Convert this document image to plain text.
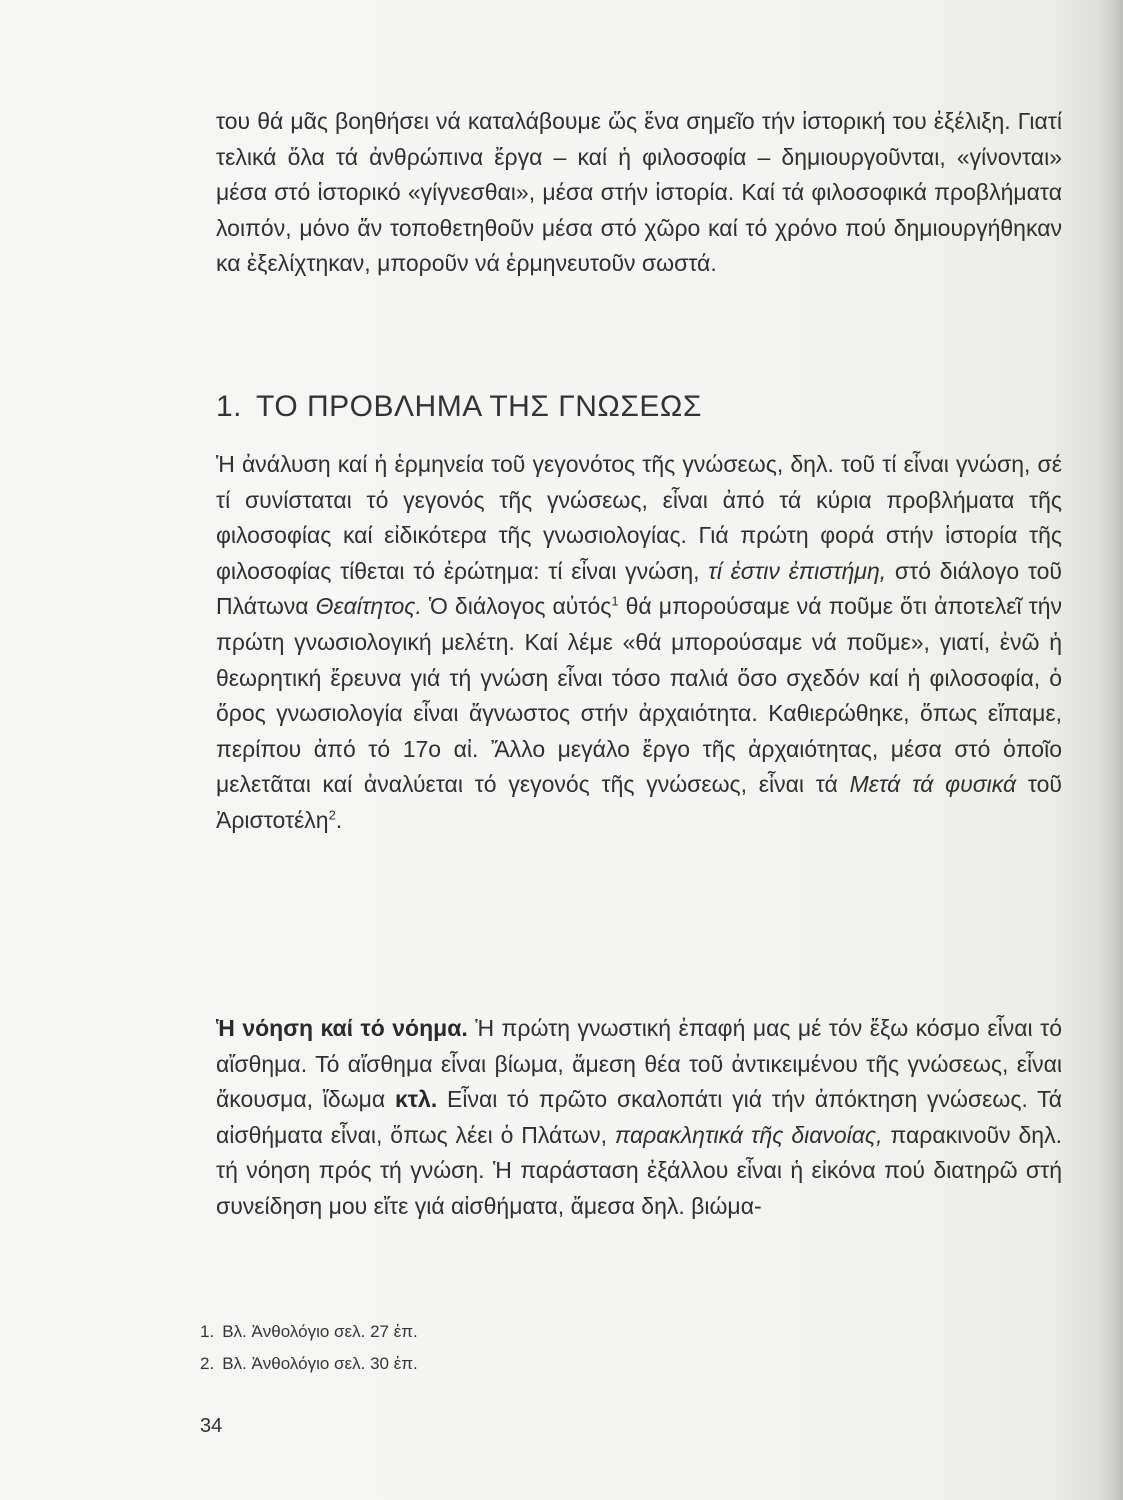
του θά μᾶς βοηθήσει νά καταλάβουμε ὥς ἕνα σημεῖο τήν ἱστορική του ἐξέλιξη. Γιατί τελικά ὅλα τά ἀνθρώπινα ἔργα – καί ἡ φιλοσοφία – δημιουργοῦνται, «γίνονται» μέσα στό ἱστορικό «γίγνεσθαι», μέσα στήν ἱστορία. Καί τά φιλοσοφικά προβλήματα λοιπόν, μόνο ἄν τοποθετηθοῦν μέσα στό χῶρο καί τό χρόνο πού δημιουργήθηκαν κα ἐξελίχτηκαν, μποροῦν νά ἑρμηνευτοῦν σωστά.

1. ΤΟ ΠΡΟΒΛΗΜΑ ΤΗΣ ΓΝΩΣΕΩΣ

Ἡ ἀνάλυση καί ἡ ἑρμηνεία τοῦ γεγονότος τῆς γνώσεως, δηλ. τοῦ τί εἶναι γνώση, σέ τί συνίσταται τό γεγονός τῆς γνώσεως, εἶναι ἀπό τά κύρια προβλήματα τῆς φιλοσοφίας καί εἰδικότερα τῆς γνωσιολογίας. Γιά πρώτη φορά στήν ἱστορία τῆς φιλοσοφίας τίθεται τό ἐρώτημα: τί εἶναι γνώση, τί ἐστιν ἐπιστήμη, στό διάλογο τοῦ Πλάτωνα Θεαίτητος. Ὁ διάλογος αὐτός$^1$ θά μπορούσαμε νά ποῦμε ὅτι ἀποτελεῖ τήν πρώτη γνωσιολογική μελέτη. Καί λέμε «θά μπορούσαμε νά ποῦμε», γιατί, ἐνῶ ἡ θεωρητική ἔρευνα γιά τή γνώση εἶναι τόσο παλιά ὅσο σχεδόν καί ἡ φιλοσοφία, ὁ ὅρος γνωσιολογία εἶναι ἄγνωστος στήν ἀρχαιότητα. Καθιερώθηκε, ὅπως εἴπαμε, περίπου ἀπό τό 17ο αἰ. Ἄλλο μεγάλο ἔργο τῆς ἀρχαιότητας, μέσα στό ὁποῖο μελετᾶται καί ἀναλύεται τό γεγονός τῆς γνώσεως, εἶναι τά Μετά τά φυσικά τοῦ Ἀριστοτέλη$^2$.

Ἡ νόηση καί τό νόημα. Ἡ πρώτη γνωστική ἐπαφή μας μέ τόν ἔξω κόσμο εἶναι τό αἴσθημα. Τό αἴσθημα εἶναι βίωμα, ἄμεση θέα τοῦ ἀντικειμένου τῆς γνώσεως, εἶναι ἄκουσμα, ἴδωμα κτλ. Εἶναι τό πρῶτο σκαλοπάτι γιά τήν ἀπόκτηση γνώσεως. Τά αἰσθήματα εἶναι, ὅπως λέει ὁ Πλάτων, παρακλητικά τῆς διανοίας, παρακινοῦν δηλ. τή νόηση πρός τή γνώση. Ἡ παράσταση ἐξάλλου εἶναι ἡ εἰκόνα πού διατηρῶ στή συνείδηση μου εἴτε γιά αἰσθήματα, ἄμεσα δηλ. βιώμα-

1. Βλ. Ἀνθολόγιο σελ. 27 ἑπ.

2. Βλ. Ἀνθολόγιο σελ. 30 ἑπ.

34
